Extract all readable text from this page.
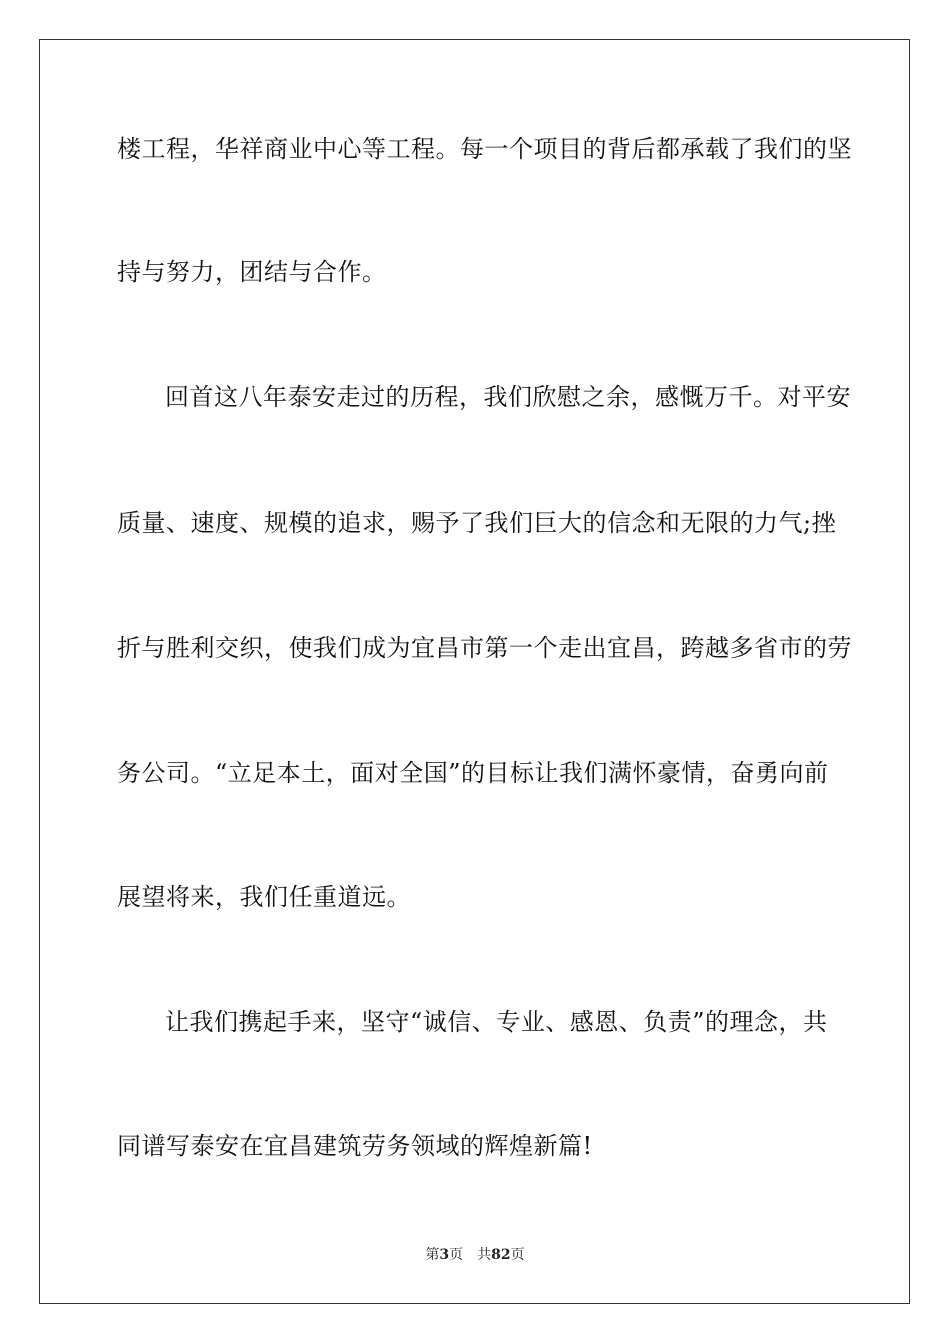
楼工程，华祥商业中心等工程。每一个项目的背后都承载了我们的坚
持与努力，团结与合作。
回首这八年泰安走过的历程，我们欣慰之余，感慨万千。对平安
质量、速度、规模的追求，赐予了我们巨大的信念和无限的力气;挫
折与胜利交织，使我们成为宜昌市第一个走出宜昌，跨越多省市的劳
务公司。“立足本土，面对全国”的目标让我们满怀豪情，奋勇向前
展望将来，我们任重道远。
让我们携起手来，坚守“诚信、专业、感恩、负责”的理念，共
同谱写泰安在宜昌建筑劳务领域的辉煌新篇!
第3页 共82页
